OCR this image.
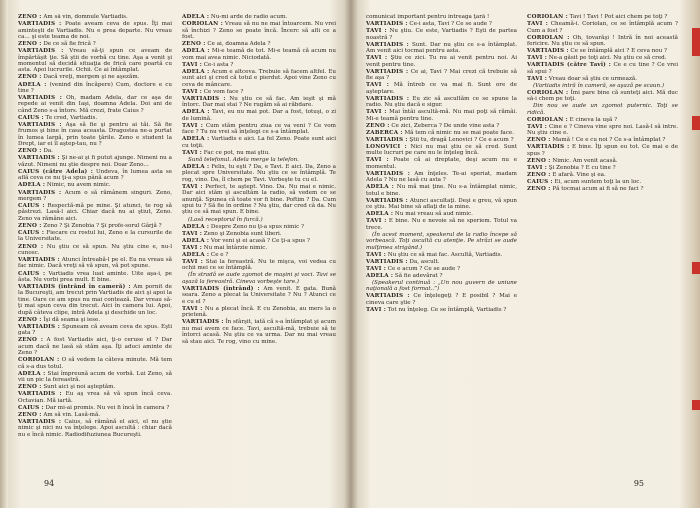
ZENO : Am să vin, domnule Vartiadis.

VARTIADIS : Poate aveam ceva de spus. Îţi mai aminteşti de Vartiadis. Nu e prea departe. Nu vreau ca... şi este teama de noi.

ZENO : De ce să fie frică ?

VARTIADIS : Vreau să-ţi spun ce aveam de împărtăşit ţie. Să ştii de vorbă cu tine. Aşa a venit şi momentul să decidă situaţia de frică care poartă cu asta. Apoi lucrurile. Ochii. Ce ai întâmplat.

ZENO : Dacă vreţi, mergem şi ne aşezăm.

ADELA : (venind din încăpere) Cum, doctore e cu tine ?

VARTIADIS : Oh, madam Adela, dar ce aşa de repede ai venit din Iaşi, doamna Adela. Doi ani de când Zeno s-a întors. Mă crezi, frate Caius ?

CAIUS : Te cred, Vartiadis.

VARTIADIS : Aşa să fie şi pentru ai tăi. Să fie frumos şi bine în casa aceasta. Dragostea ne-a purtat în lumea largă, prin toate ţările. Zeno e student la Drept, iar ei îl aştep-tau, nu ?

ZENO : Da.

VARTIADIS : Şi ne-ai şi fi putut ajunge. Nimeni nu a văzut. Nimeni nu ştie despre noi. Doar Zeno...

CAIUS (către Adela) : Undeva, în lumea asta se află ceva ce nu ţi-a spus până acum ?

ADELA : Nimic, nu avem nimic.

VARTIADIS : Acum o să rămânem singuri. Zeno, mergem ?

CAIUS : Respectă-mă pe mine. Şi atunci, te rog să păstrezi. Lasă-l aici. Chiar dacă nu ai ştiut, Zeno. Zeno va rămâne aici.

ZENO : Zeno ? Şi Zenobia ? Şi profe-sorul Gârjă ?

CAIUS : Fiecare cu rostul lui, Zeno e la cursurile de la Universitate.

ZENO : Nu ştiu ce să spun. Nu ştiu cine e, nu-l cunosc.

VARTIADIS : Atunci întreabă-l pe el. Eu nu vreau să fac nimic. Dacă vreţi să vă spun, vă pot spune.

CAIUS : Vartiadis vrea luat aminte. Uite aşa-i, pe ăsta. Nu vorbi prea mult. E bine.

VARTIADIS (intrând în cameră) : Am pornit de la Bucureşti, am trecut prin Vartiadis de aici şi apoi la tine. Oare ce am spus nu mai contează. Dar vreau să-ţi mai spun ceva din trecut. Aici în camera lui. Apoi, după câteva clipe, intră Adela şi deschide un loc.

ZENO : Îşi dă seama şi iese.

VARTIADIS : Spuneam că aveam ceva de spus. Eşti gata ?

ZENO : A fost Vartiadis aici, ţi-o ceruse el ? Dar acum dacă ne lasă să stăm aşa. Îţi aduci aminte de Zeno ?

CORIOLAN : O să vedem la câteva minute. Mă tem că s-a dus totul.

ADELA : Stai împreună acum de vorbă. Lui Zeno, să vii un pic la fereastră.

ZENO : Sunt aici şi noi aşteptăm.

VARTIADIS : Eu aş vrea să vă spun încă ceva. Octavian. Mă iartă.

CAIUS : Dar mi-ai promis. Nu vei fi încă în camera ?

ZENO : Am să vin. Lasă-mă.

VARTIADIS : Caius, să rămână el aici, el nu ştie nimic şi nici nu va înţelege. Apoi ascultă : chiar dacă nu e încă nimic. Radiodifuziunea Bucureşti.

ADELA : Nu-mi arde de radio acum.

CORIOLAN : Vreau să nu ne mai întoarcem. Nu vrei să închizi ? Zeno se poate încă. Încerc să afli ce a fost.

ZENO : Ce ai, doamna Adela ?

ADELA : Mi-e teamă de tot. Mi-e teamă că acum nu vom mai avea nimic. Niciodată.

TAVI : Ce-i asta ?

ADELA : Acum e altceva. Trebuie să facem altfel. Eu sunt aici şi cred că totul e pierdut. Apoi vine Zeno cu ceva de mâncare.

TAVI : Ce vom face ?

VARTIADIS : Nu ştiu ce să fac. Am ieşit şi mă întorc. Dar mai stai ? Ne rugăm să ai răbdare.

ADELA : Tavi, eu nu mai pot. Dar a fost, totuşi, o zi de lumină.

TAVI : Cum stăm pentru ziua ce va veni ? Ce vom face ? Tu nu vrei să înţelegi ce s-a întâmplat.

ADELA : Vartiadis e aici. La fel Zeno. Poate sunt aici cu toţii.

TAVI : Fac ce pot, nu mai ştiu.

Sună telefonul. Adela merge la telefon.

ADELA : Felix, tu eşti ? Da, e Tavi. E aici. Da, Zeno a plecat spre Universitate. Nu ştiu ce se întâmplă. Te rog, vino. Da, îl chem pe Tavi. Vorbeşte tu cu el.

TAVI : Perfect, te aştept. Vino. Da. Nu mai e nimic. Dar aici stăm şi ascultăm la radio, să vedem ce se anunţă. Spunea că toate vor fi bine. Poftim ? Da. Cum spui tu ? Să fie în ordine ? Nu ştiu, dar cred că da. Nu ştiu ce să mai spun. E bine.

(Lasă receptorul în furcă.)

ADELA : Despre Zeno nu ţi-a spus nimic ?

TAVI : Zeno şi Zenobia sunt liberi.

ADELA : Vor veni şi ei acasă ? Ce ţi-a spus ?

TAVI : Nu mai întârzie nimic.

ADELA : Ce e ?

TAVI : Stai la fereastră. Nu te mişca, voi vedea cu ochii mei ce se întâmplă.

(În stradă se aude zgomot de maşini şi voci. Tavi se aşază la fereastră. Cineva vorbeşte tare.)

VARTIADIS (intrând) : Am venit. E gata. Bună seara. Zeno a plecat la Universitate ? Nu ? Atunci ce e cu el ?

TAVI : Nu a plecat încă. E cu Zenobia, au mers la o prietenă.

VARTIADIS : În sfârşit, iată că s-a întâmplat şi acum nu mai avem ce face. Tavi, ascultă-mă, trebuie să te întorci acasă. Nu ştiu ce va urma. Dar nu mai vreau să stau aici. Te rog, vino cu mine.

94

comunicat important pentru întreaga ţară !

VARTIADIS : Ce-i asta, Tavi ? Ce se aude ?

TAVI : Nu ştiu. Ce este, Vartiadis ? Eşti de partea noastră ?

VARTIADIS : Sunt. Dar nu ştiu ce s-a întâmplat. Am venit aici tocmai pentru asta.

TAVI : Ştiu ce zici. Tu nu ai venit pentru noi. Ai venit pentru tine.

VARTIADIS : Ce ai, Tavi ? Mai crezi că trebuie să fie aşa ?

TAVI : Mă întreb ce va mai fi. Sunt ore de aşteptare.

VARTIADIS : Eu zic să ascultăm ce se spune la radio. Nu ştiu dacă e sigur.

TAVI : Mai întâi ascultă-mă. Nu mai poţi să rămâi. Mi-e teamă pentru tine.

ZENO : Ce zici, Zeberca ? De unde vine asta ?

ZABERCA : Mă tem că nimic nu se mai poate face.

VARTIADIS : Ştii tu, dragă Lenovici ? Ce e acum ?

LONOVICI : Nici nu mai ştiu ce să cred. Sunt multe lucruri pe care nu le înţeleg încă.

TAVI : Poate că ai dreptate, deşi acum nu e momentul.

VARTIADIS : Am înţeles. Te-ai speriat, madam Adela ? Nu ne lasă cu asta ?

ADELA : Nu mă mai ţine. Nu s-a întâmplat nimic, totul e bine.

VARTIADIS : Atunci ascultaţi. Deşi e greu, vă spun ce ştiu. Mai bine să aflaţi de la mine.

ADELA : Nu mai vreau să aud nimic.

TAVI : E bine. Nu e nevoie să ne speriem. Totul va trece.

(În acest moment, speakerul de la radio începe să vorbească. Toţi ascultă cu atenţie. Pe străzi se aude mulţimea strigând.)

TAVI : Nu ştiu ce să mai fac. Ascultă, Vartiadis.

VARTIADIS : Da, ascult.

TAVI : Ce e acum ? Ce se aude ?

ADELA : Să fie adevărat ?

(Speakerul continuă : „Un nou guvern de uniune naţională a fost format..”)

VARTIADIS : Ce înţelegeţi ? E posibil ? Mai e cineva care ştie ?

TAVI : Tot nu înţeleg. Ce se întâmplă, Vartiadis ?

CORIOLAN : Tavi ! Tavi ! Pot aici chem pe toţi ?

TAVI : Cheamă-i. Coriolan, ce se întâmplă acum ? Cum a fost ?

CORIOLAN : Oh, tovarăşi ! Intră în noi această fericire. Nu ştiu ce să spun.

VARTIADIS : Ce se întâmplă aici ? E ceva nou ?

TAVI : Ne-a găsit pe toţi aici. Nu ştiu ce să cred.

VARTIADIS (către Tavi) : Ce e cu tine ? Ce vrei să spui ?

TAVI : Vreau doar să ştiu ce urmează.

(Vartiadis intră în cameră, se aşază pe scaun.)

CORIOLAN : Îmi pare bine că sunteţi aici. Mă duc să-i chem pe toţi.

Din nou se aude un zgomot puternic. Toţi se ridică.

CORIOLAN : E cineva la uşă ?

TAVI : Cine e ? Cineva vine spre noi. Lasă-l să intre. Nu ştiu cine e.

ZENO : Mamă ! Ce e cu noi ? Ce s-a întâmplat ?

VARTIADIS : E bine. Îţi spun eu tot. Ce mai e de spus ?

ZENO : Nimic. Am venit acasă.

TAVI : Şi Zenobia ? E cu tine ?

ZENO : E afară. Vine şi ea.

CAIUS : Ei, acum suntem toţi la un loc.

ZENO : Pă tocmai acum ai fi să ne faci ?

95
